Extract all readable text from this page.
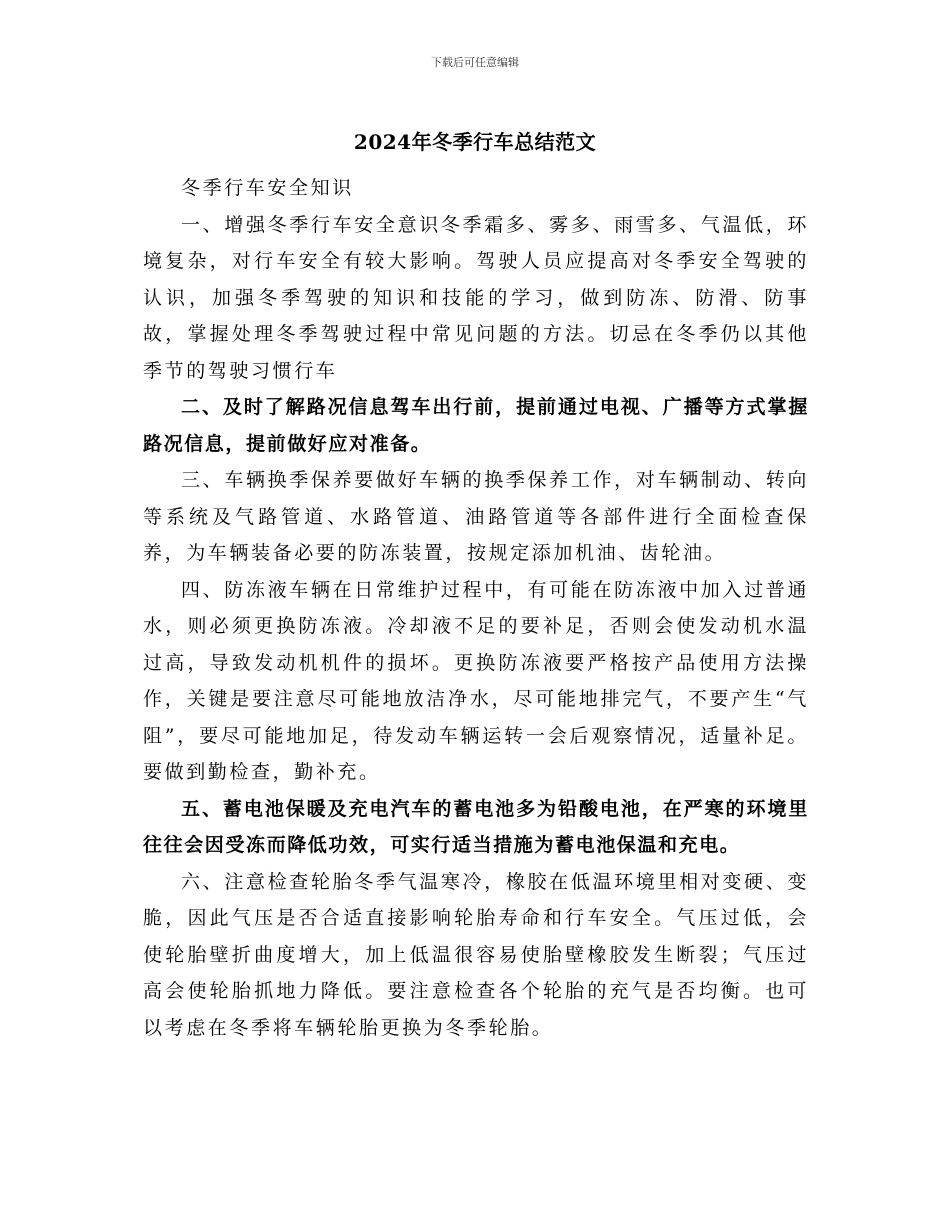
下载后可任意编辑
2024年冬季行车总结范文

冬季行车安全知识

一、增强冬季行车安全意识冬季霜多、雾多、雨雪多、气温低，环境复杂，对行车安全有较大影响。驾驶人员应提高对冬季安全驾驶的认识，加强冬季驾驶的知识和技能的学习，做到防冻、防滑、防事故，掌握处理冬季驾驶过程中常见问题的方法。切忌在冬季仍以其他季节的驾驶习惯行车

二、及时了解路况信息驾车出行前，提前通过电视、广播等方式掌握路况信息，提前做好应对准备。

三、车辆换季保养要做好车辆的换季保养工作，对车辆制动、转向等系统及气路管道、水路管道、油路管道等各部件进行全面检查保养，为车辆装备必要的防冻装置，按规定添加机油、齿轮油。

四、防冻液车辆在日常维护过程中，有可能在防冻液中加入过普通水，则必须更换防冻液。冷却液不足的要补足，否则会使发动机水温过高，导致发动机机件的损坏。更换防冻液要严格按产品使用方法操作，关键是要注意尽可能地放洁净水，尽可能地排完气，不要产生“气阻”，要尽可能地加足，待发动车辆运转一会后观察情况，适量补足。要做到勤检查，勤补充。

五、蓄电池保暖及充电汽车的蓄电池多为铅酸电池，在严寒的环境里往往会因受冻而降低功效，可实行适当措施为蓄电池保温和充电。

六、注意检查轮胎冬季气温寒冷，橡胶在低温环境里相对变硬、变脆，因此气压是否合适直接影响轮胎寿命和行车安全。气压过低，会使轮胎壁折曲度增大，加上低温很容易使胎壁橡胶发生断裂；气压过高会使轮胎抓地力降低。要注意检查各个轮胎的充气是否均衡。也可以考虑在冬季将车辆轮胎更换为冬季轮胎。
